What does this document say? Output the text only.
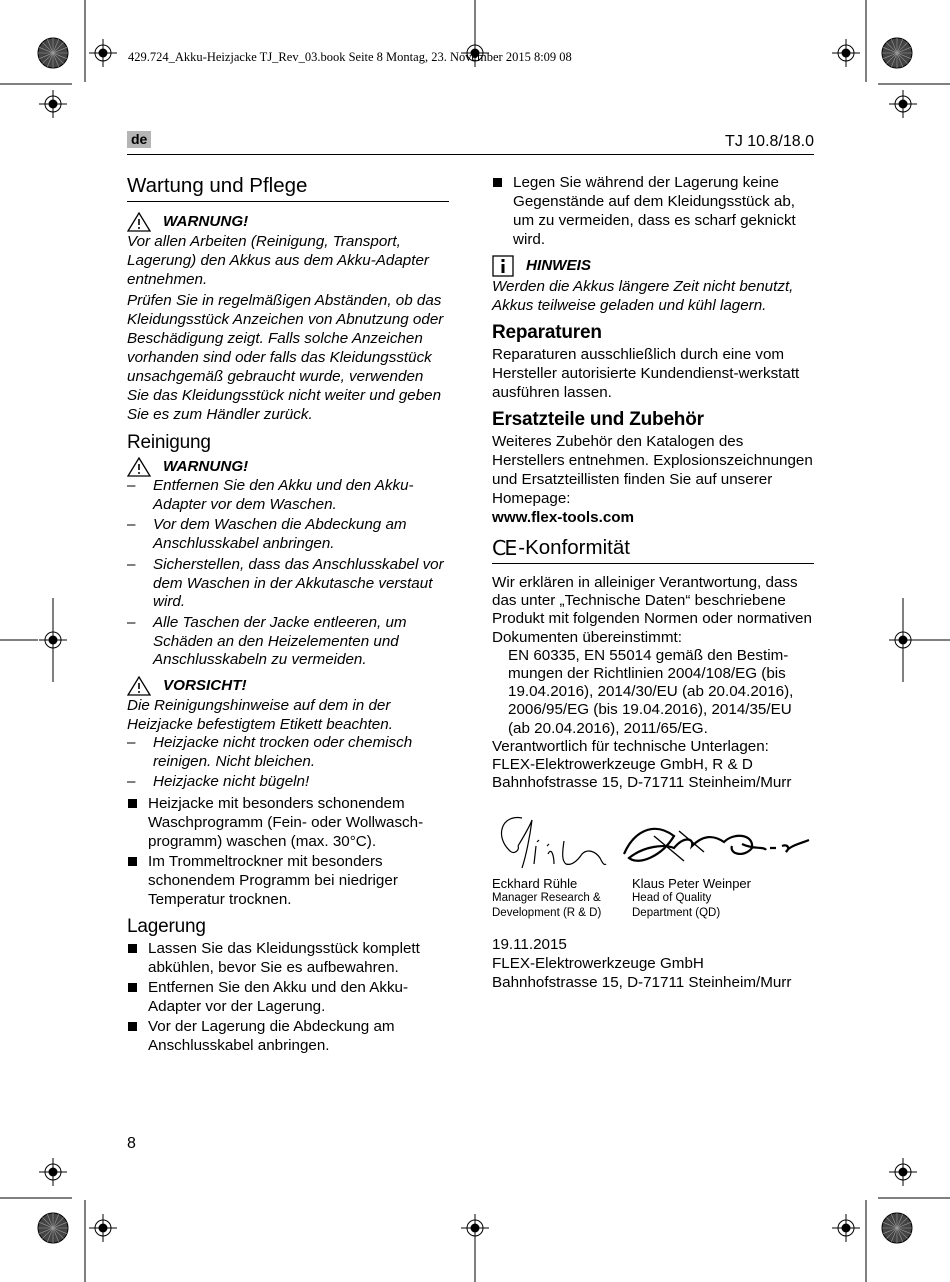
429.724_Akku-Heizjacke TJ_Rev_03.book Seite 8 Montag, 23. November 2015 8:09 08
de	TJ 10.8/18.0
Wartung und Pflege
WARNUNG!
Vor allen Arbeiten (Reinigung, Transport, Lagerung) den Akkus aus dem Akku-Adapter entnehmen.
Prüfen Sie in regelmäßigen Abständen, ob das Kleidungsstück Anzeichen von Abnutzung oder Beschädigung zeigt. Falls solche Anzeichen vorhanden sind oder falls das Kleidungsstück unsachgemäß gebraucht wurde, verwenden Sie das Kleidungsstück nicht weiter und geben Sie es zum Händler zurück.
Reinigung
WARNUNG!
–	Entfernen Sie den Akku und den Akku-Adapter vor dem Waschen.
–	Vor dem Waschen die Abdeckung am Anschlusskabel anbringen.
–	Sicherstellen, dass das Anschlusskabel vor dem Waschen in der Akkutasche verstaut wird.
–	Alle Taschen der Jacke entleeren, um Schäden an den Heizelementen und Anschlusskabeln zu vermeiden.
VORSICHT!
Die Reinigungshinweise auf dem in der Heizjacke befestigtem Etikett beachten.
–	Heizjacke nicht trocken oder chemisch reinigen. Nicht bleichen.
–	Heizjacke nicht bügeln!
Heizjacke mit besonders schonendem Waschprogramm (Fein- oder Wollwasch-programm) waschen (max. 30°C).
Im Trommeltrockner mit besonders schonendem Programm bei niedriger Temperatur trocknen.
Lagerung
Lassen Sie das Kleidungsstück komplett abkühlen, bevor Sie es aufbewahren.
Entfernen Sie den Akku und den Akku-Adapter vor der Lagerung.
Vor der Lagerung die Abdeckung am Anschlusskabel anbringen.
Legen Sie während der Lagerung keine Gegenstände auf dem Kleidungsstück ab, um zu vermeiden, dass es scharf geknickt wird.
HINWEIS
Werden die Akkus längere Zeit nicht benutzt, Akkus teilweise geladen und kühl lagern.
Reparaturen
Reparaturen ausschließlich durch eine vom Hersteller autorisierte Kundendienst-werkstatt ausführen lassen.
Ersatzteile und Zubehör
Weiteres Zubehör den Katalogen des Herstellers entnehmen. Explosionszeichnungen und Ersatzteillisten finden Sie auf unserer Homepage:
www.flex-tools.com
CE -Konformität
Wir erklären in alleiniger Verantwortung, dass das unter „Technische Daten“ beschriebene Produkt mit folgenden Normen oder normativen Dokumenten übereinstimmt:
EN 60335, EN 55014 gemäß den Bestim-mungen der Richtlinien 2004/108/EG (bis 19.04.2016), 2014/30/EU (ab 20.04.2016), 2006/95/EG (bis 19.04.2016), 2014/35/EU (ab 20.04.2016), 2011/65/EG.
Verantwortlich für technische Unterlagen:
FLEX-Elektrowerkzeuge GmbH, R & D
Bahnhofstrasse 15, D-71711 Steinheim/Murr
Eckhard Rühle
Manager Research & Development (R & D)
Klaus Peter Weinper
Head of Quality Department (QD)
19.11.2015
FLEX-Elektrowerkzeuge GmbH
Bahnhofstrasse 15, D-71711 Steinheim/Murr
8
